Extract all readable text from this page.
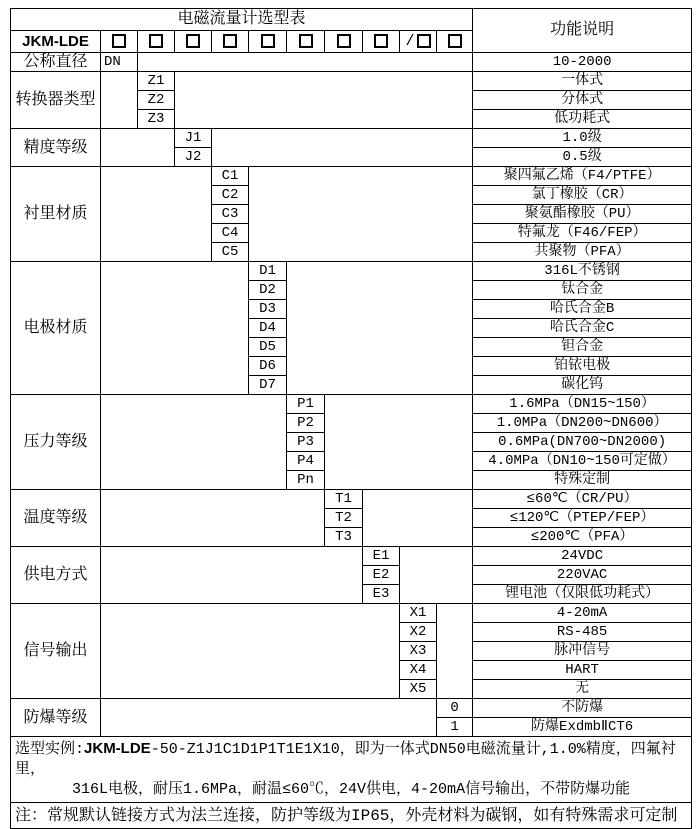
电磁流量计选型表											功能说明
JKM-LDE									/		
公称直径	DN										10-2000
转换器类型		Z1									一体式
		Z2									分体式
		Z3									低功耗式
精度等级			J1								1.0级
			J2								0.5级
衬里材质				C1							聚四氟乙烯（F4/PTFE）
				C2							氯丁橡胶（CR）
				C3							聚氨酯橡胶（PU）
				C4							特氟龙（F46/FEP）
				C5							共聚物（PFA）
电极材质					D1						316L不锈钢
					D2						钛合金
					D3						哈氏合金B
					D4						哈氏合金C
					D5						钽合金
					D6						铂铱电极
					D7						碳化钨
压力等级						P1					1.6MPa（DN15~150）
						P2					1.0MPa（DN200~DN600）
						P3					0.6MPa(DN700~DN2000)
						P4					4.0MPa（DN10~150可定做）
						Pn					特殊定制
温度等级							T1				≤60℃（CR/PU）
							T2				≤120℃（PTEP/FEP）
							T3				≤200℃（PFA）
供电方式								E1			24VDC
								E2			220VAC
								E3			锂电池（仅限低功耗式）
信号输出									X1		4-20mA
									X2		RS-485
									X3		脉冲信号
									X4		HART
									X5		无
防爆等级										0	不防爆
										1	防爆ExdmbⅡCT6

选型实例:JKM-LDE-50-Z1J1C1D1P1T1E1X10，即为一体式DN50电磁流量计,1.0%精度，四氟衬里，
316L电极，耐压1.6MPa，耐温≤60℃，24V供电，4-20mA信号输出，不带防爆功能											

注：常规默认链接方式为法兰连接，防护等级为IP65，外壳材料为碳钢，如有特殊需求可定制											
